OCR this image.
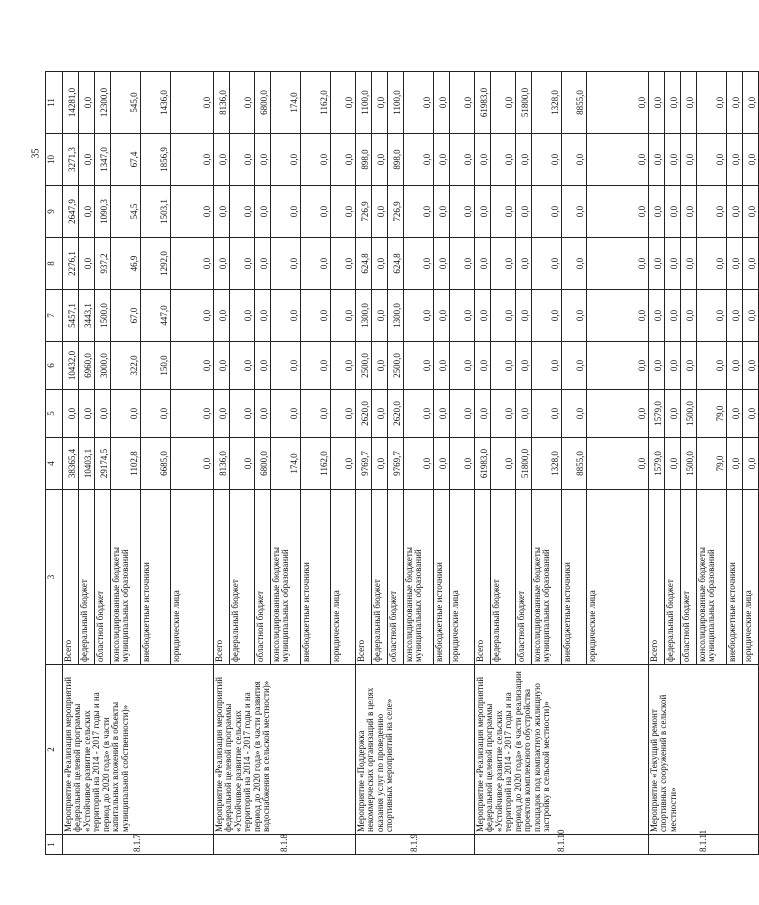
35
1	2	3	4	5	6	7	8	9	10	11
8.1.7	Мероприятие «Реализация мероприятий федеральной целевой программы «Устойчивое развитие сельских территорий на 2014 - 2017 годы и на период до 2020 года» (в части капитальных вложений в объекты муниципальной собственности)»	Всего	38365,4	0,0	10432,0	5457,1	2276,1	2647,9	3271,3	14281,0
		федеральный бюджет	10403,1	0,0	6960,0	3443,1	0,0	0,0	0,0	0,0
		областной бюджет	29174,5	0,0	3000,0	1500,0	937,2	1090,3	1347,0	12300,0
		консолидированные бюджеты муниципальных образований	1102,8	0,0	322,0	67,0	46,9	54,5	67,4	545,0
		внебюджетные источники	6685,0	0,0	150,0	447,0	1292,0	1503,1	1856,9	1436,0
		юридические лица	0,0	0,0	0,0	0,0	0,0	0,0	0,0	0,0
8.1.8	Мероприятие «Реализация мероприятий федеральной целевой программы «Устойчивое развитие сельских территорий на 2014 - 2017 годы и на период до 2020 года» (в части развития водоснабжения в сельской местности)»	Всего	8136,0	0,0	0,0	0,0	0,0	0,0	0,0	8136,0
		федеральный бюджет	0,0	0,0	0,0	0,0	0,0	0,0	0,0	0,0
		областной бюджет	6800,0	0,0	0,0	0,0	0,0	0,0	0,0	6800,0
		консолидированные бюджеты муниципальных образований	174,0	0,0	0,0	0,0	0,0	0,0	0,0	174,0
		внебюджетные источники	1162,0	0,0	0,0	0,0	0,0	0,0	0,0	1162,0
		юридические лица	0,0	0,0	0,0	0,0	0,0	0,0	0,0	0,0
8.1.9	Мероприятие «Поддержка некоммерческих организаций в целях оказания услуг по проведению спортивных мероприятий на селе»	Всего	9769,7	2620,0	2500,0	1300,0	624,8	726,9	898,0	1100,0
		федеральный бюджет	0,0	0,0	0,0	0,0	0,0	0,0	0,0	0,0
		областной бюджет	9769,7	2620,0	2500,0	1300,0	624,8	726,9	898,0	1100,0
		консолидированные бюджеты муниципальных образований	0,0	0,0	0,0	0,0	0,0	0,0	0,0	0,0
		внебюджетные источники	0,0	0,0	0,0	0,0	0,0	0,0	0,0	0,0
		юридические лица	0,0	0,0	0,0	0,0	0,0	0,0	0,0	0,0
8.1.10	Мероприятие «Реализация мероприятий федеральной целевой программы «Устойчивое развитие сельских территорий на 2014 - 2017 годы и на период до 2020 года» (в части реализации проектов комплексного обустройства площадок под компактную жилищную застройку в сельской местности)»	Всего	61983,0	0,0	0,0	0,0	0,0	0,0	0,0	61983,0
		федеральный бюджет	0,0	0,0	0,0	0,0	0,0	0,0	0,0	0,0
		областной бюджет	51800,0	0,0	0,0	0,0	0,0	0,0	0,0	51800,0
		консолидированные бюджеты муниципальных образований	1328,0	0,0	0,0	0,0	0,0	0,0	0,0	1328,0
		внебюджетные источники	8855,0	0,0	0,0	0,0	0,0	0,0	0,0	8855,0
		юридические лица	0,0	0,0	0,0	0,0	0,0	0,0	0,0	0,0
8.1.11	Мероприятие «Текущий ремонт спортивных сооружений в сельской местности»	Всего	1579,0	1579,0	0,0	0,0	0,0	0,0	0,0	0,0
		федеральный бюджет	0,0	0,0	0,0	0,0	0,0	0,0	0,0	0,0
		областной бюджет	1500,0	1500,0	0,0	0,0	0,0	0,0	0,0	0,0
		консолидированные бюджеты муниципальных образований	79,0	79,0	0,0	0,0	0,0	0,0	0,0	0,0
		внебюджетные источники	0,0	0,0	0,0	0,0	0,0	0,0	0,0	0,0
		юридические лица	0,0	0,0	0,0	0,0	0,0	0,0	0,0	0,0
